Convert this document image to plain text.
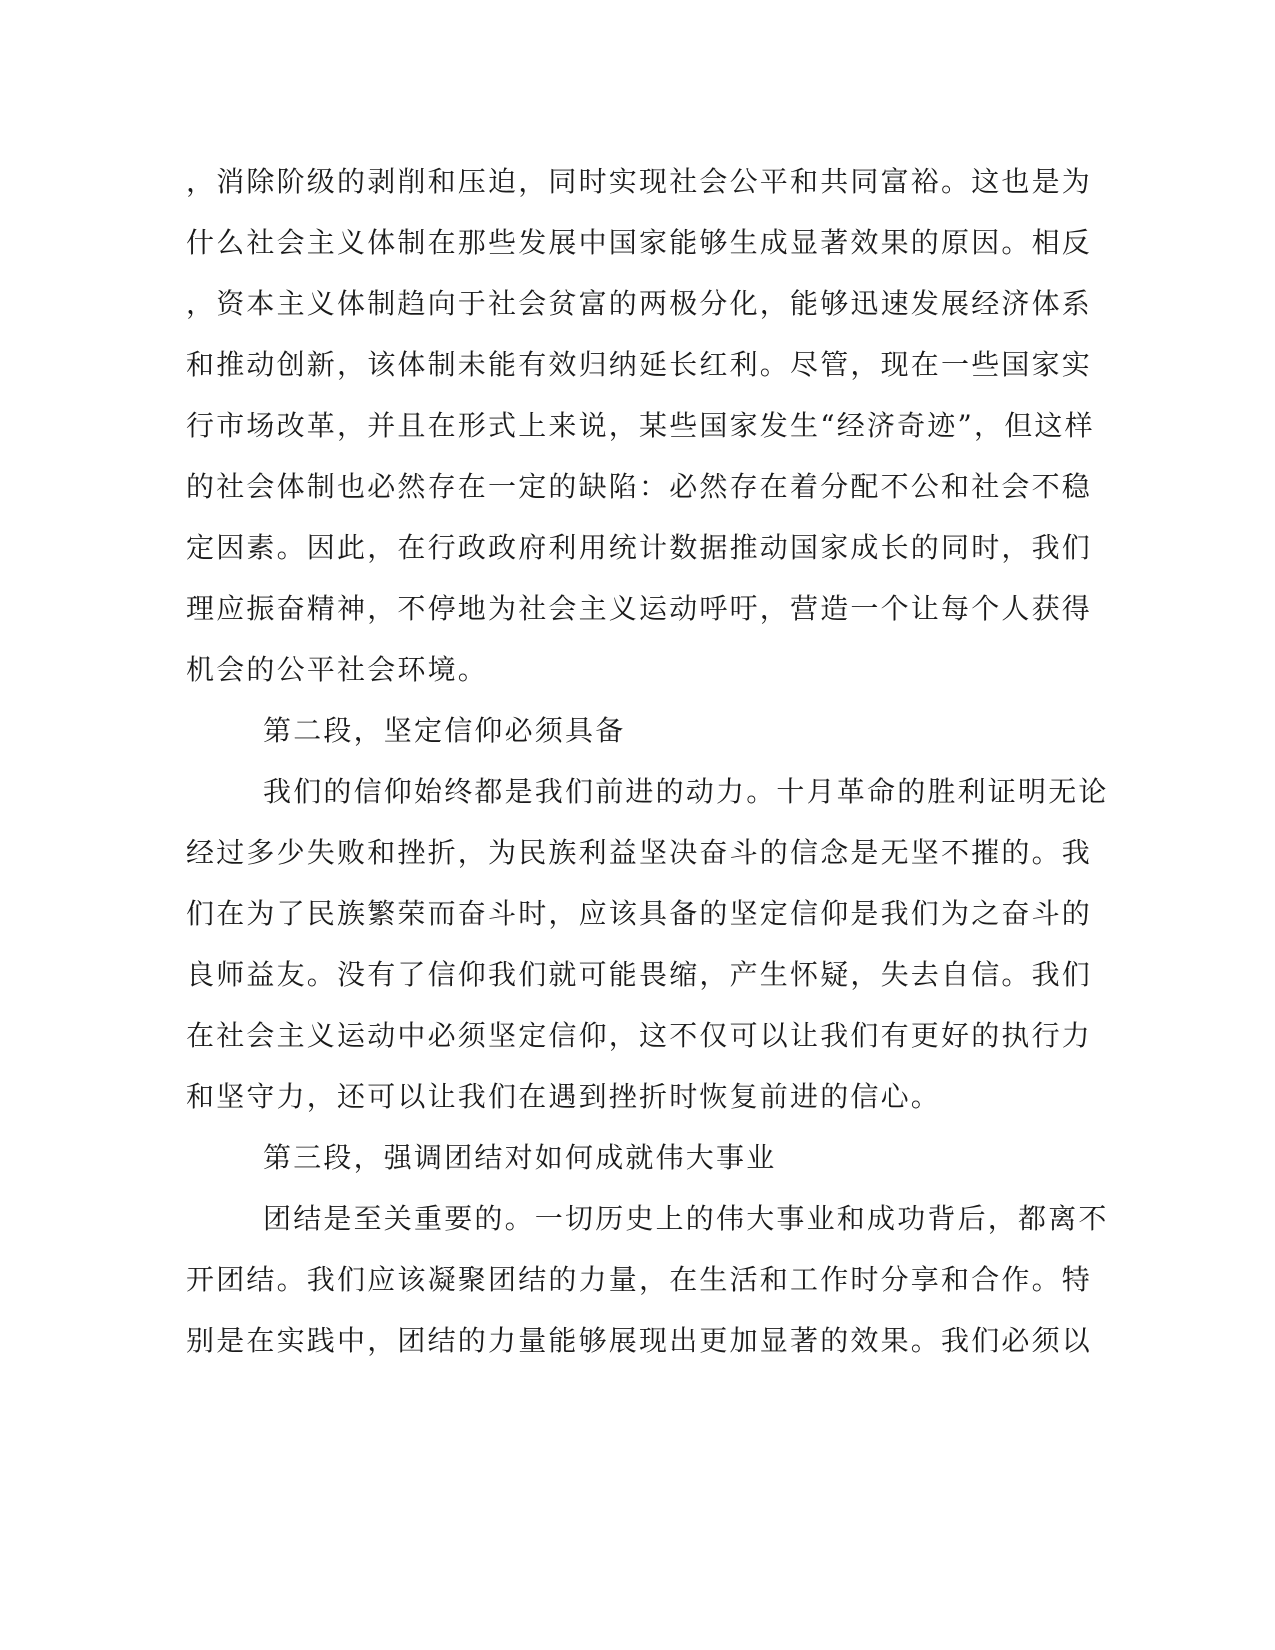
，消除阶级的剥削和压迫，同时实现社会公平和共同富裕。这也是为
什么社会主义体制在那些发展中国家能够生成显著效果的原因。相反
，资本主义体制趋向于社会贫富的两极分化，能够迅速发展经济体系
和推动创新，该体制未能有效归纳延长红利。尽管，现在一些国家实
行市场改革，并且在形式上来说，某些国家发生“经济奇迹”，但这样
的社会体制也必然存在一定的缺陷：必然存在着分配不公和社会不稳
定因素。因此，在行政政府利用统计数据推动国家成长的同时，我们
理应振奋精神，不停地为社会主义运动呼吁，营造一个让每个人获得
机会的公平社会环境。
第二段，坚定信仰必须具备
我们的信仰始终都是我们前进的动力。十月革命的胜利证明无论
经过多少失败和挫折，为民族利益坚决奋斗的信念是无坚不摧的。我
们在为了民族繁荣而奋斗时，应该具备的坚定信仰是我们为之奋斗的
良师益友。没有了信仰我们就可能畏缩，产生怀疑，失去自信。我们
在社会主义运动中必须坚定信仰，这不仅可以让我们有更好的执行力
和坚守力，还可以让我们在遇到挫折时恢复前进的信心。
第三段，强调团结对如何成就伟大事业
团结是至关重要的。一切历史上的伟大事业和成功背后，都离不
开团结。我们应该凝聚团结的力量，在生活和工作时分享和合作。特
别是在实践中，团结的力量能够展现出更加显著的效果。我们必须以
